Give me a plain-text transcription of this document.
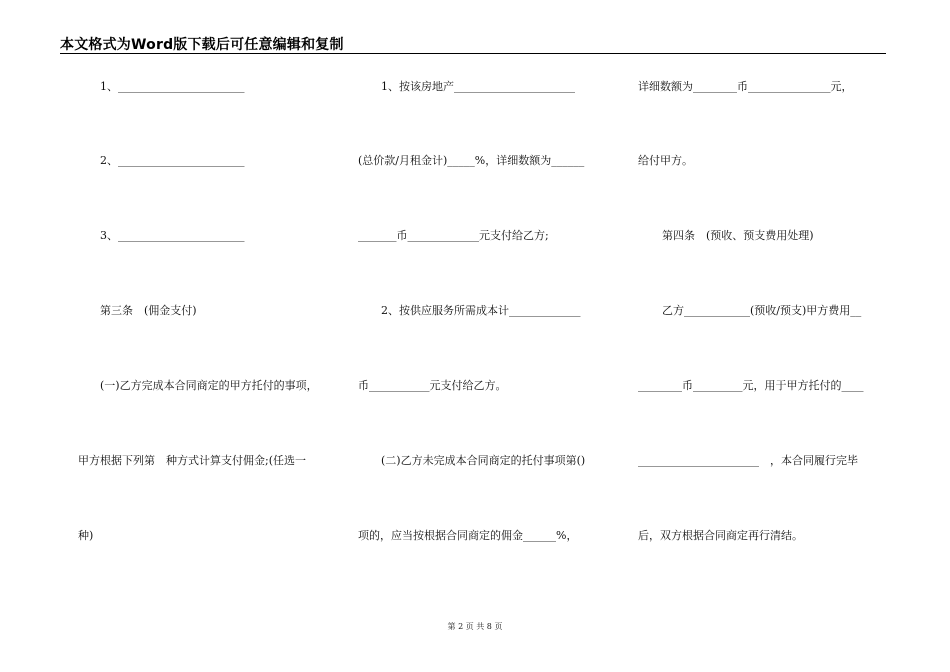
本文格式为Word版下载后可任意编辑和复制
1、_______________________
2、_______________________
3、_______________________
第三条　(佣金支付)
(一)乙方完成本合同商定的甲方托付的事项，
甲方根据下列第　种方式计算支付佣金;(任选一
种)
1、按该房地产______________________
(总价款/月租金计)_____%，详细数额为______
_______币_____________元支付给乙方;
2、按供应服务所需成本计_____________
币___________元支付给乙方。
(二)乙方未完成本合同商定的托付事项第()
项的，应当按根据合同商定的佣金______%，
详细数额为________币_______________元，
给付甲方。
第四条　(预收、预支费用处理)
乙方____________(预收/预支)甲方费用__
________币_________元，用于甲方托付的____
______________________　，本合同履行完毕
后，双方根据合同商定再行清结。
第 2 页 共 8 页
